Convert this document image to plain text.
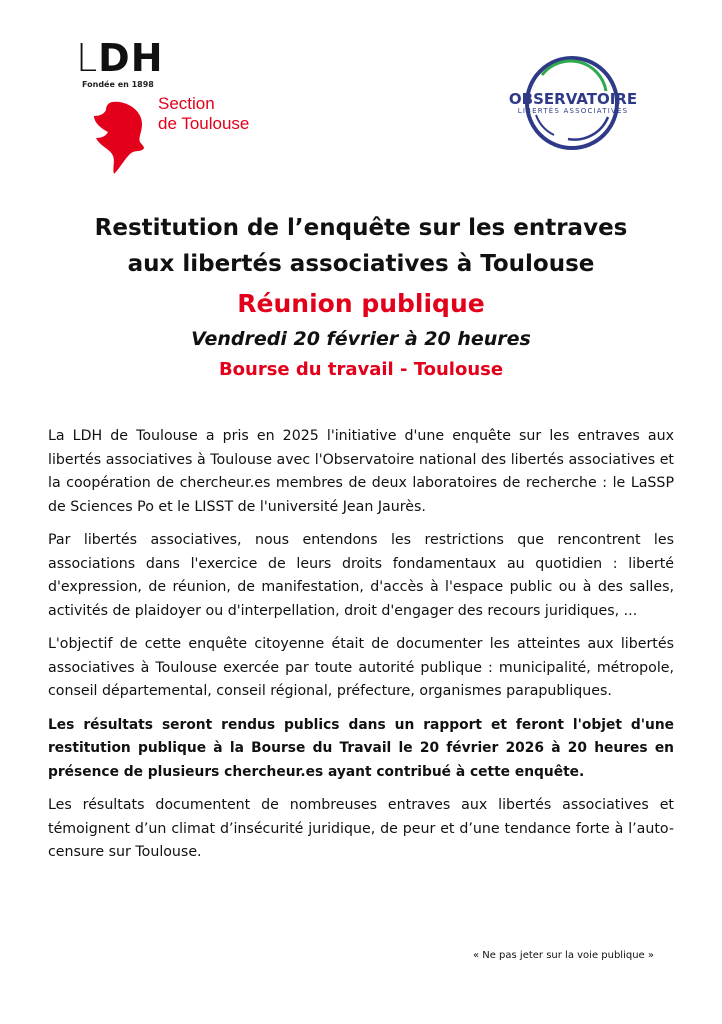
LDH
Fondée en 1898
Section
de Toulouse
OBSERVATOIRE
LIBERTÉS ASSOCIATIVES
Restitution de l’enquête sur les entraves
aux libertés associatives à Toulouse
Réunion publique
Vendredi 20 février à 20 heures
Bourse du travail - Toulouse

La LDH de Toulouse a pris en 2025 l'initiative d'une enquête sur les entraves aux libertés associatives à Toulouse avec l'Observatoire national des libertés associatives et la coopération de chercheur.es membres de deux laboratoires de recherche : le LaSSP de Sciences Po et le LISST de l'université Jean Jaurès.

Par libertés associatives, nous entendons les restrictions que rencontrent les associations dans l'exercice de leurs droits fondamentaux au quotidien : liberté d'expression, de réunion, de manifestation, d'accès à l'espace public ou à des salles, activités de plaidoyer ou d'interpellation, droit d'engager des recours juridiques, ...

L'objectif de cette enquête citoyenne était de documenter les atteintes aux libertés associatives à Toulouse exercée par toute autorité publique : municipalité, métropole, conseil départemental, conseil régional, préfecture, organismes parapubliques.

Les résultats seront rendus publics dans un rapport et feront l'objet d'une restitution publique à la Bourse du Travail le 20 février 2026 à 20 heures en présence de plusieurs chercheur.es ayant contribué à cette enquête.

Les résultats documentent de nombreuses entraves aux libertés associatives et témoignent d’un climat d’insécurité juridique, de peur et d’une tendance forte à l’auto-censure sur Toulouse.

« Ne pas jeter sur la voie publique »
